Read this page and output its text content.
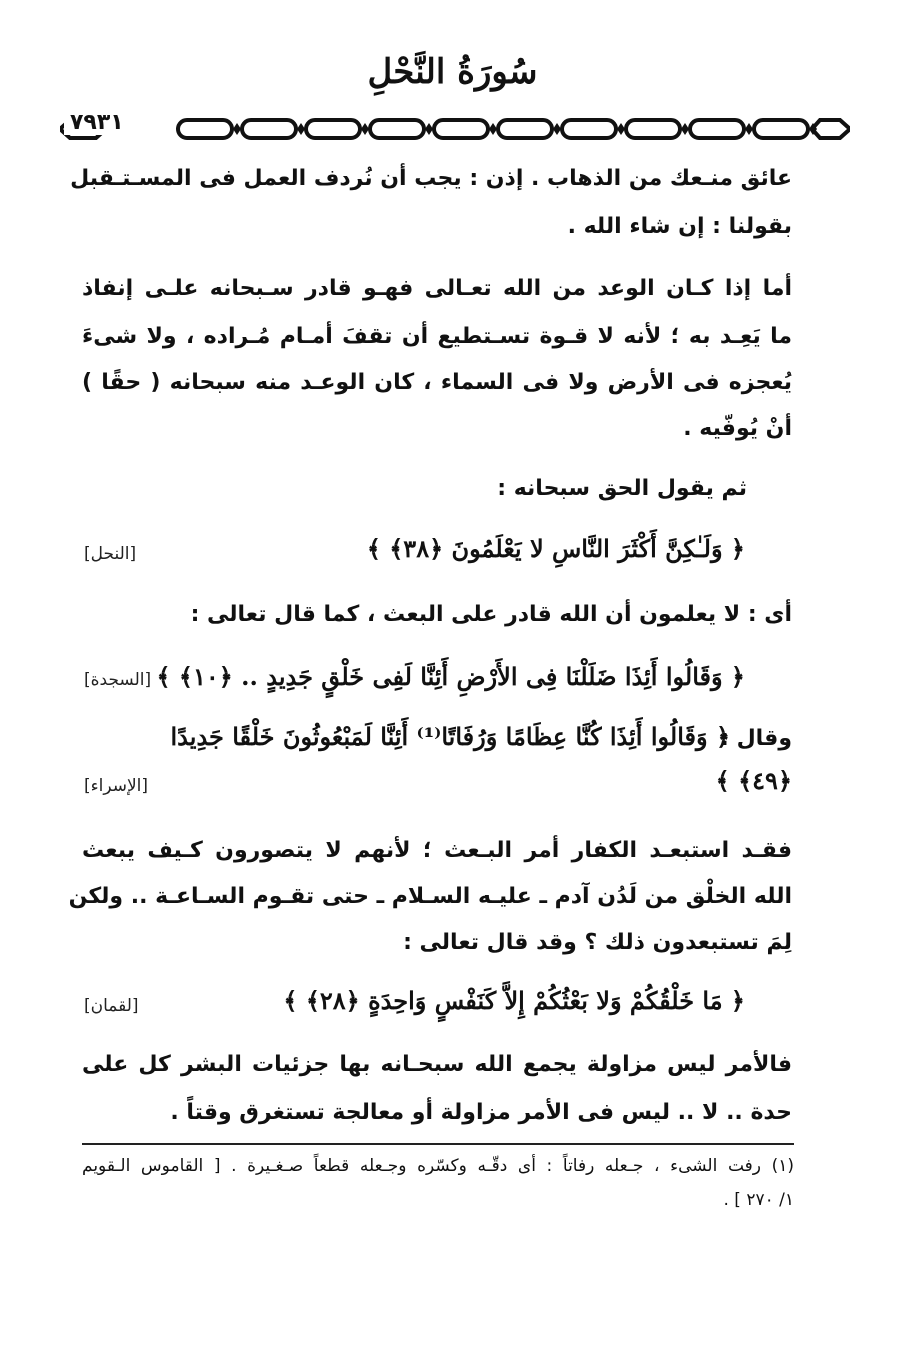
سُورَةُ النَّحْلِ
٧٩٣١
عائق منـعك من الذهاب . إذن : يجب أن نُردف العمل فى المسـتـقبل
بقولنا : إن شاء الله .
أما إذا كـان الوعد من الله تعـالى فهـو قادر سـبحانه علـى إنفاذ
ما يَعِـد به ؛ لأنه لا قـوة تسـتطيع أن تقفَ أمـام مُـراده ، ولا شىءَ
يُعجزه فى الأرض ولا فى السماء ، كان الوعـد منه سبحانه ( حقًا )
أنْ يُوفّيه .
ثم يقول الحق سبحانه :
﴿ وَلَـٰكِنَّ أَكْثَرَ النَّاسِ لا يَعْلَمُونَ ﴿٣٨﴾ ﴾
[النحل]
أى : لا يعلمون أن الله قادر على البعث ، كما قال تعالى :
﴿ وَقَالُوا أَئِذَا ضَلَلْنَا فِى الأَرْضِ أَئِنَّا لَفِى خَلْقٍ جَدِيدٍ .. ﴿١٠﴾ ﴾
[السجدة]
وقال :
﴿ وَقَالُوا أَئِذَا كُنَّا عِظَامًا وَرُفَاتًا⁽¹⁾ أَئِنَّا لَمَبْعُوثُونَ خَلْقًا جَدِيدًا
﴿٤٩﴾ ﴾
[الإسراء]
فقـد استبعـد الكفار أمر البـعث ؛ لأنهم لا يتصورون كـيف يبعث
الله الخلْق من لَدُن آدم ـ عليـه السـلام ـ حتى تقـوم السـاعـة .. ولكن
لِمَ تستبعدون ذلك ؟ وقد قال تعالى :
﴿ مَا خَلْقُكُمْ وَلا بَعْثُكُمْ إِلاَّ كَنَفْسٍ وَاحِدَةٍ ﴿٢٨﴾ ﴾
[لقمان]
فالأمر ليس مزاولة يجمع الله سبحـانه بها جزئيات البشر كل على
حدة .. لا .. ليس فى الأمر مزاولة أو معالجة تستغرق وقتاً .
(١) رفت الشىء ، جـعله رفاتاً : أى دقّـه وكسّره وجـعله قطعاً صـغـيرة . [ القاموس الـقويم
١/ ٢٧٠ ] .
